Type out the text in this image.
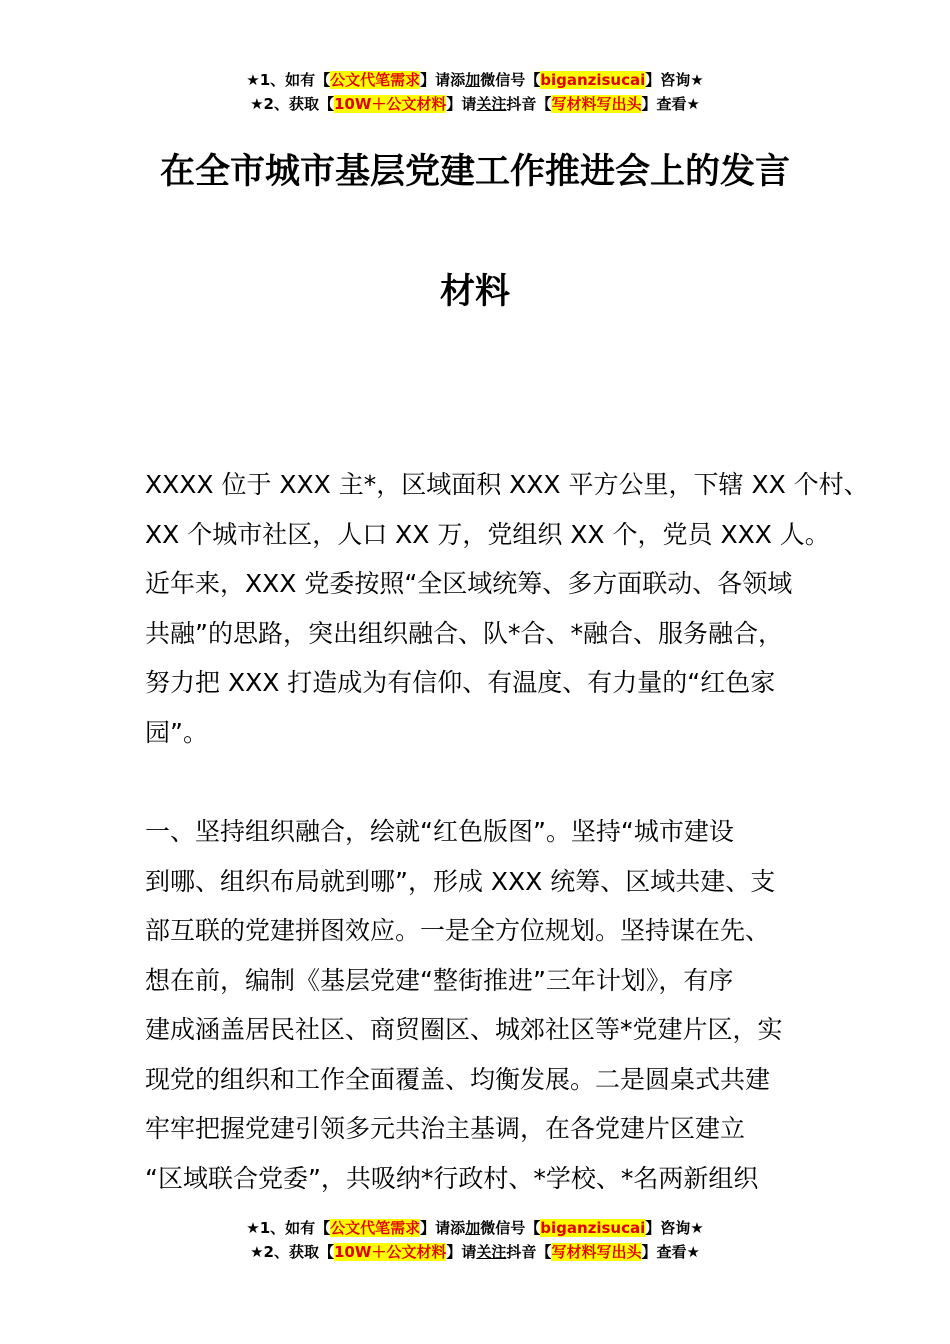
★1、如有【公文代笔需求】请添加微信号【biganzisucai】咨询★
★2、获取【10W＋公文材料】请关注抖音【写材料写出头】查看★
在全市城市基层党建工作推进会上的发言
材料
XXXX 位于 XXX 主*，区域面积 XXX 平方公里，下辖 XX 个村、
XX 个城市社区，人口 XX 万，党组织 XX 个，党员 XXX 人。
近年来，XXX 党委按照“全区域统筹、多方面联动、各领域
共融”的思路，突出组织融合、队*合、*融合、服务融合，
努力把 XXX 打造成为有信仰、有温度、有力量的“红色家
园”。
一、坚持组织融合，绘就“红色版图”。坚持“城市建设
到哪、组织布局就到哪”，形成 XXX 统筹、区域共建、支
部互联的党建拼图效应。一是全方位规划。坚持谋在先、
想在前，编制《基层党建“整街推进”三年计划》，有序
建成涵盖居民社区、商贸圈区、城郊社区等*党建片区，实
现党的组织和工作全面覆盖、均衡发展。二是圆桌式共建
牢牢把握党建引领多元共治主基调，在各党建片区建立
“区域联合党委”，共吸纳*行政村、*学校、*名两新组织
★1、如有【公文代笔需求】请添加微信号【biganzisucai】咨询★
★2、获取【10W＋公文材料】请关注抖音【写材料写出头】查看★
